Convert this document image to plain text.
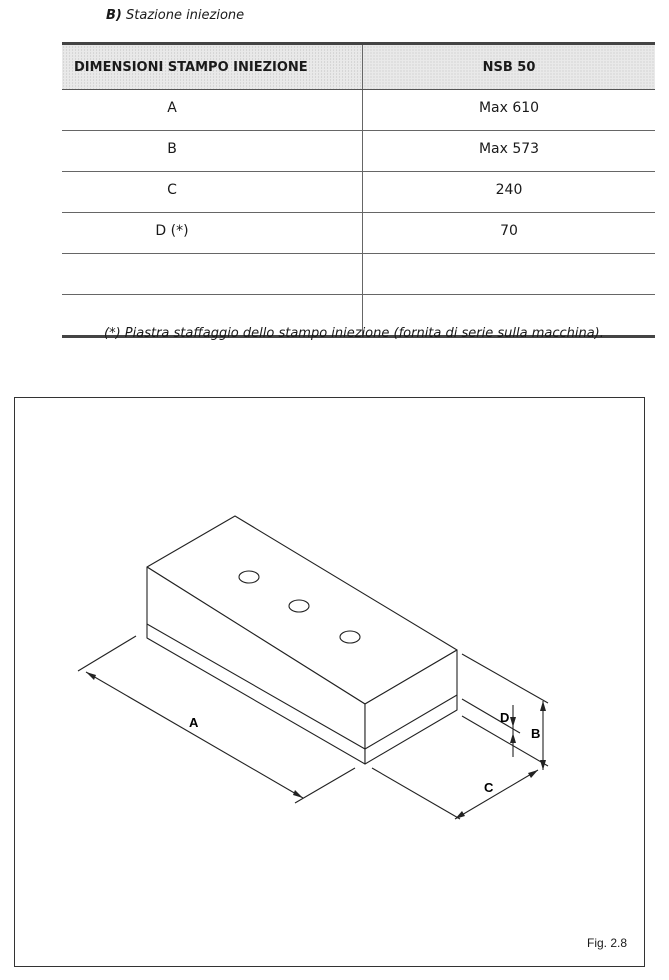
B) Stazione iniezione
DIMENSIONI STAMPO INIEZIONE	NSB 50
A	Max 610
B	Max 573
C	240
D (*)	70

(*) Piastra staffaggio dello stampo iniezione (fornita di serie sulla macchina).
A
B
C
D
Fig. 2.8
